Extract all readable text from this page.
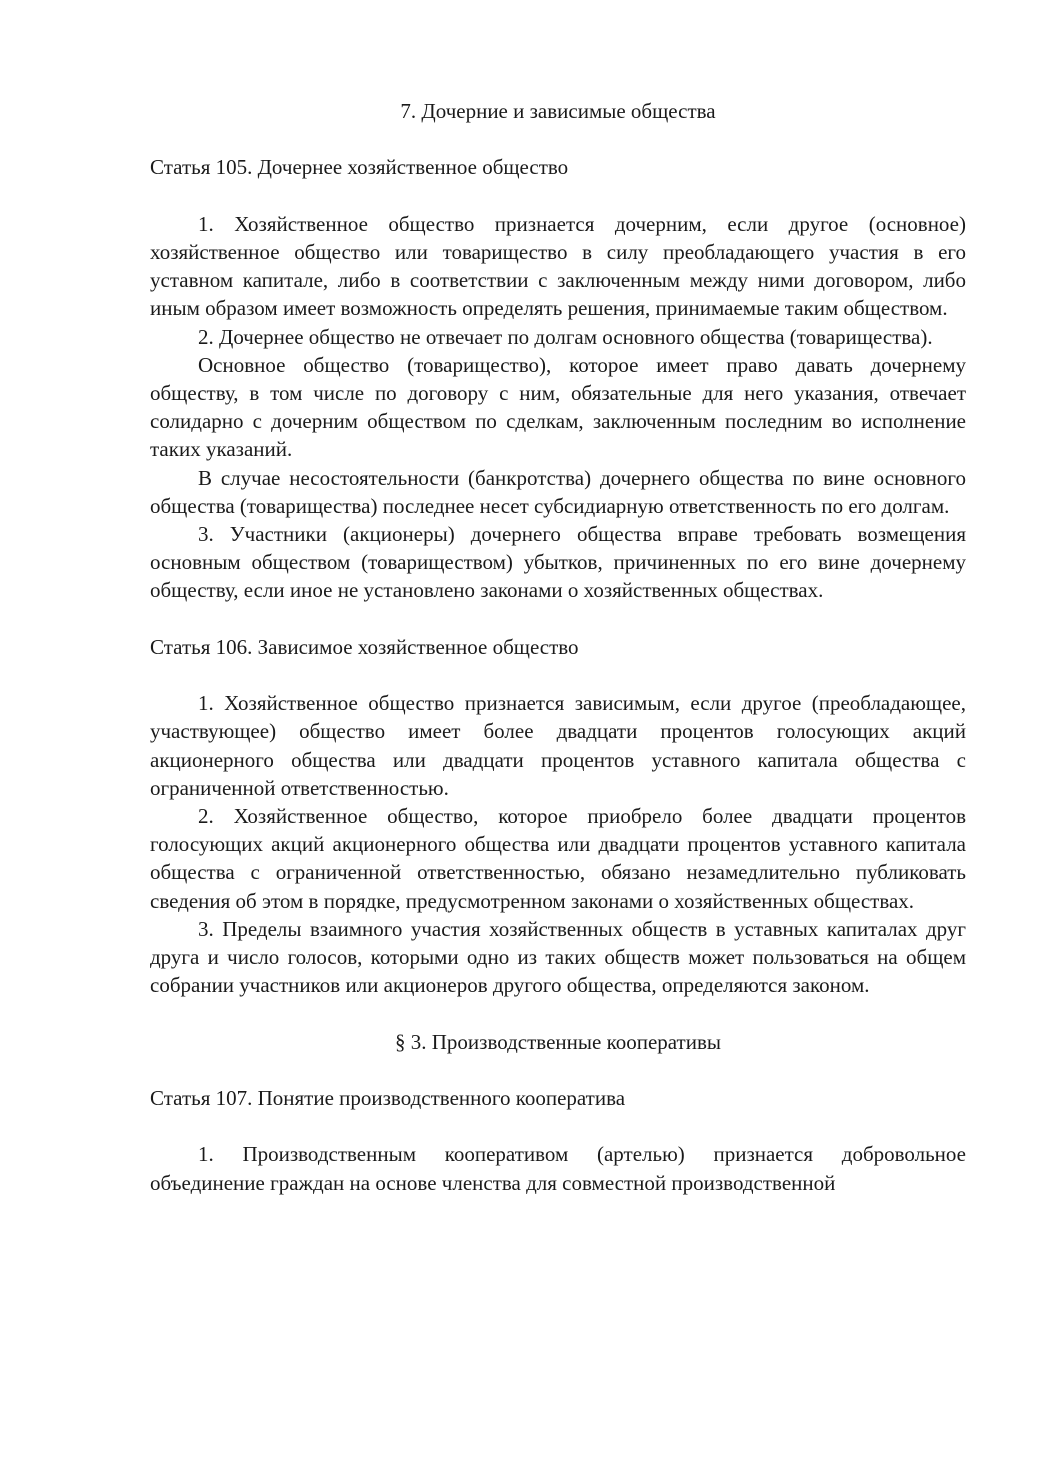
7. Дочерние и зависимые общества
Статья 105. Дочернее хозяйственное общество

1. Хозяйственное общество признается дочерним, если другое (основное) хозяйственное общество или товарищество в силу преобладающего участия в его уставном капитале, либо в соответствии с заключенным между ними договором, либо иным образом имеет возможность определять решения, принимаемые таким обществом.

2. Дочернее общество не отвечает по долгам основного общества (товарищества).

Основное общество (товарищество), которое имеет право давать дочернему обществу, в том числе по договору с ним, обязательные для него указания, отвечает солидарно с дочерним обществом по сделкам, заключенным последним во исполнение таких указаний.

В случае несостоятельности (банкротства) дочернего общества по вине основного общества (товарищества) последнее несет субсидиарную ответственность по его долгам.

3. Участники (акционеры) дочернего общества вправе требовать возмещения основным обществом (товариществом) убытков, причиненных по его вине дочернему обществу, если иное не установлено законами о хозяйственных обществах.

Статья 106. Зависимое хозяйственное общество

1. Хозяйственное общество признается зависимым, если другое (преобладающее, участвующее) общество имеет более двадцати процентов голосующих акций акционерного общества или двадцати процентов уставного капитала общества с ограниченной ответственностью.

2. Хозяйственное общество, которое приобрело более двадцати процентов голосующих акций акционерного общества или двадцати процентов уставного капитала общества с ограниченной ответственностью, обязано незамедлительно публиковать сведения об этом в порядке, предусмотренном законами о хозяйственных обществах.

3. Пределы взаимного участия хозяйственных обществ в уставных капиталах друг друга и число голосов, которыми одно из таких обществ может пользоваться на общем собрании участников или акционеров другого общества, определяются законом.

§ 3. Производственные кооперативы
Статья 107. Понятие производственного кооператива

1. Производственным кооперативом (артелью) признается добровольное объединение граждан на основе членства для совместной производственной
